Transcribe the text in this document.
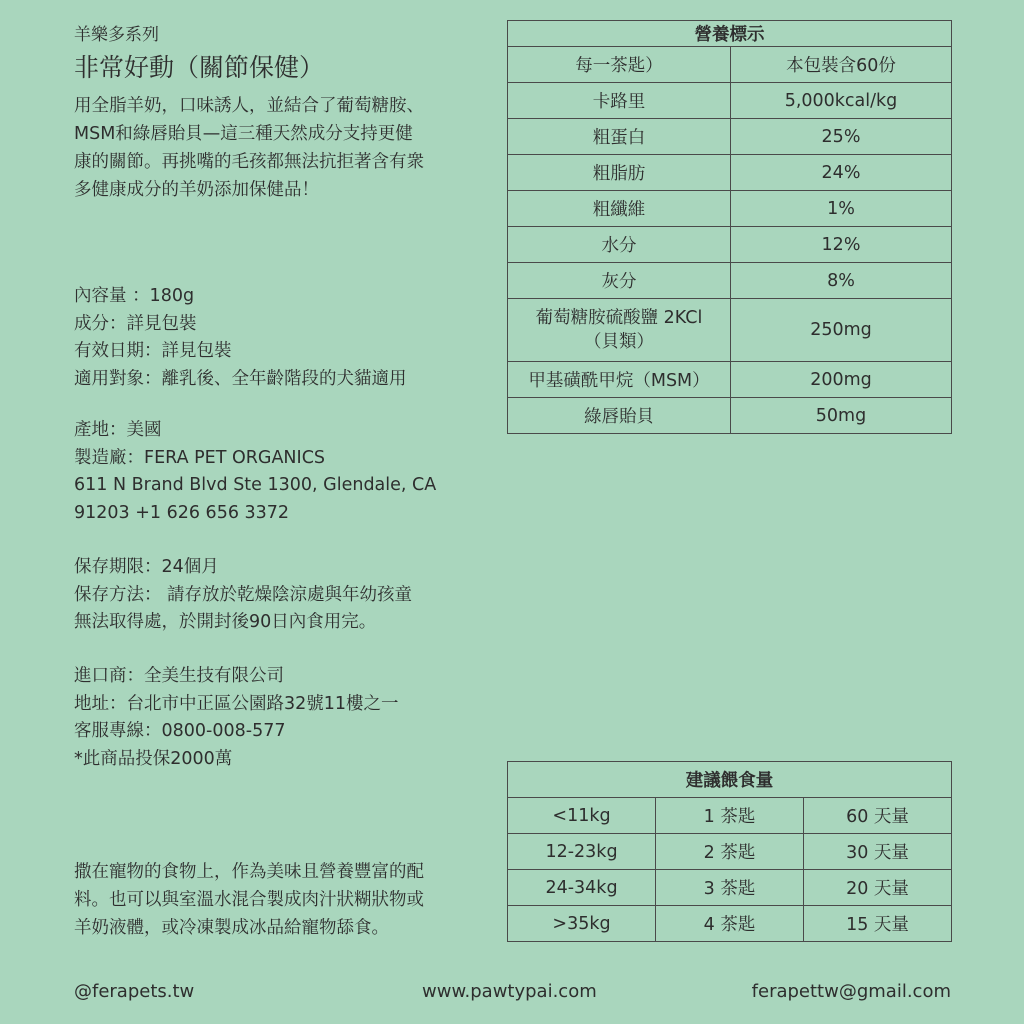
羊樂多系列
非常好動（關節保健）
用全脂羊奶，口味誘人，並結合了葡萄糖胺、
MSM和綠唇貽貝—這三種天然成分支持更健
康的關節。再挑嘴的毛孩都無法抗拒著含有衆
多健康成分的羊奶添加保健品！
內容量 ：180g
成分：詳見包裝
有效日期：詳見包裝
適用對象：離乳後、全年齡階段的犬貓適用
產地：美國
製造廠：FERA PET ORGANICS
611 N Brand Blvd Ste 1300, Glendale, CA
91203 +1 626 656 3372
保存期限：24個月
保存方法： 請存放於乾燥陰涼處與年幼孩童
無法取得處，於開封後90日內食用完。
進口商：全美生技有限公司
地址：台北市中正區公園路32號11樓之一
客服專線：0800-008-577
*此商品投保2000萬
撒在寵物的食物上，作為美味且營養豐富的配
料。也可以與室溫水混合製成肉汁狀糊狀物或
羊奶液體，或冷凍製成冰品給寵物舔食。
營養標示	
每一茶匙）	本包裝含60份
卡路里	5,000kcal/kg
粗蛋白	25%
粗脂肪	24%
粗纖維	1%
水分	12%
灰分	8%

葡萄糖胺硫酸鹽 2KCl
（貝類）	250mg
甲基磺酰甲烷（MSM）	200mg
綠唇貽貝	50mg
建議餵食量		
<11kg	1 茶匙	60 天量
12-23kg	2 茶匙	30 天量
24-34kg	3 茶匙	20 天量
>35kg	4 茶匙	15 天量
@ferapets.tw	www.pawtypai.com	ferapettw@gmail.com
